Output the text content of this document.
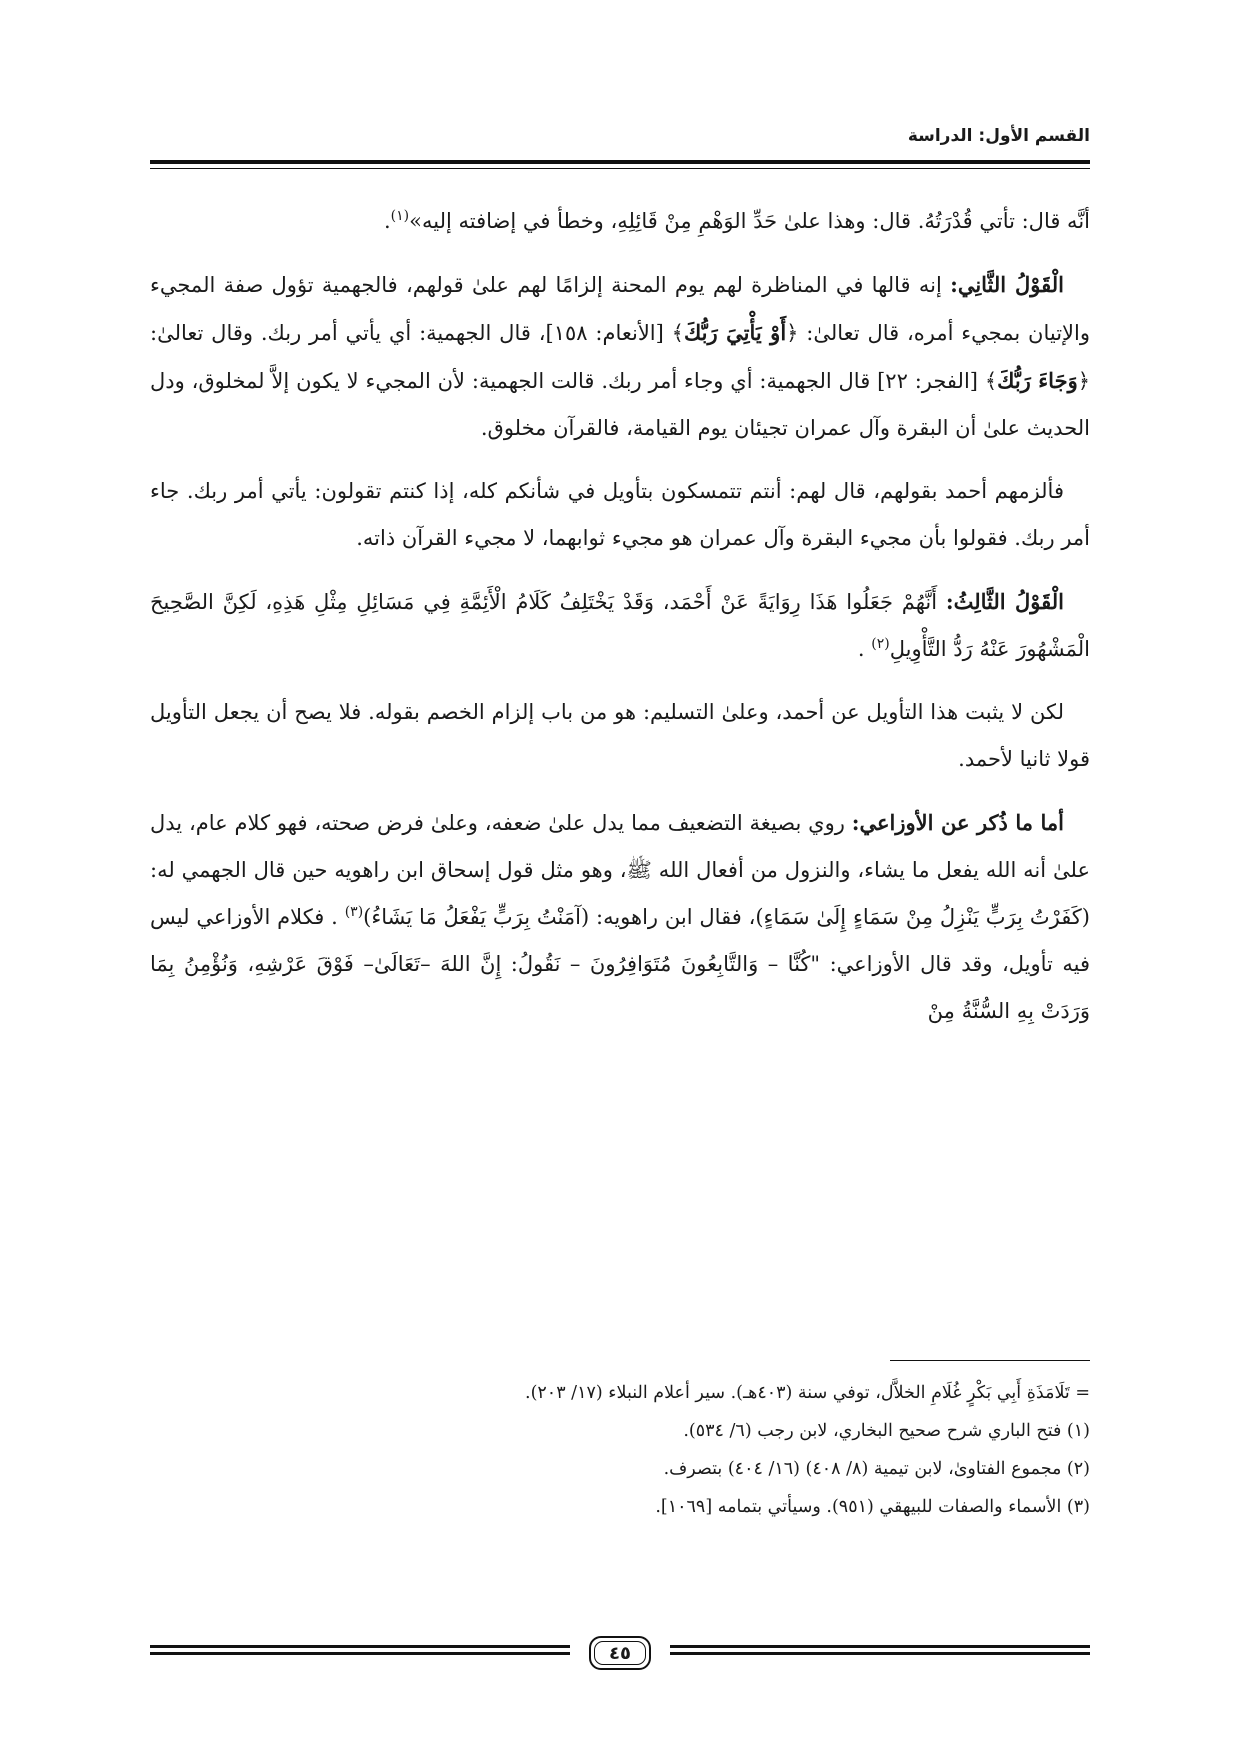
القسم الأول: الدراسة

أنَّه قال: تأتي قُدْرَتُهُ. قال: وهذا علىٰ حَدِّ الوَهْمِ مِنْ قَائِلِهِ، وخطأ في إضافته إليه»$^{(١)}$.

الْقَوْلُ الثَّانِي: إنه قالها في المناظرة لهم يوم المحنة إلزامًا لهم علىٰ قولهم، فالجهمية تؤول صفة المجيء والإتيان بمجيء أمره، قال تعالىٰ: ﴿أَوْ يَأْتِيَ رَبُّكَ﴾ [الأنعام: ١٥٨]، قال الجهمية: أي يأتي أمر ربك. وقال تعالىٰ: ﴿وَجَاءَ رَبُّكَ﴾ [الفجر: ٢٢] قال الجهمية: أي وجاء أمر ربك. قالت الجهمية: لأن المجيء لا يكون إلاَّ لمخلوق، ودل الحديث علىٰ أن البقرة وآل عمران تجيئان يوم القيامة، فالقرآن مخلوق.

فألزمهم أحمد بقولهم، قال لهم: أنتم تتمسكون بتأويل في شأنكم كله، إذا كنتم تقولون: يأتي أمر ربك. جاء أمر ربك. فقولوا بأن مجيء البقرة وآل عمران هو مجيء ثوابهما، لا مجيء القرآن ذاته.

الْقَوْلُ الثَّالِثُ: أَنَّهُمْ جَعَلُوا هَذَا رِوَايَةً عَنْ أَحْمَد، وَقَدْ يَخْتَلِفُ كَلَامُ الْأَئِمَّةِ فِي مَسَائِلِ مِثْلِ هَذِهِ، لَكِنَّ الصَّحِيحَ الْمَشْهُورَ عَنْهُ رَدُّ التَّأْوِيلِ$^{(٢)}$ .

لكن لا يثبت هذا التأويل عن أحمد، وعلىٰ التسليم: هو من باب إلزام الخصم بقوله. فلا يصح أن يجعل التأويل قولا ثانيا لأحمد.

أما ما ذُكر عن الأوزاعي: روي بصيغة التضعيف مما يدل علىٰ ضعفه، وعلىٰ فرض صحته، فهو كلام عام، يدل علىٰ أنه الله يفعل ما يشاء، والنزول من أفعال الله ﷺ، وهو مثل قول إسحاق ابن راهويه حين قال الجهمي له: (كَفَرْتُ بِرَبٍّ يَنْزِلُ مِنْ سَمَاءٍ إِلَىٰ سَمَاءٍ)، فقال ابن راهويه: (آمَنْتُ بِرَبٍّ يَفْعَلُ مَا يَشَاءُ)$^{(٣)}$ . فكلام الأوزاعي ليس فيه تأويل، وقد قال الأوزاعي: "كُنَّا – وَالتَّابِعُونَ مُتَوَافِرُونَ – نَقُولُ: إِنَّ اللهَ –تَعَالَىٰ– فَوْقَ عَرْشِهِ، وَنُؤْمِنُ بِمَا وَرَدَتْ بِهِ السُّنَّةُ مِنْ

= تَلَامَذَةِ أَبِي بَكْرٍ غُلَامِ الخلاَّل، توفي سنة (٤٠٣هـ). سير أعلام النبلاء (١٧/ ٢٠٣).
(١) فتح الباري شرح صحيح البخاري، لابن رجب (٦/ ٥٣٤).
(٢) مجموع الفتاوىٰ، لابن تيمية (٨/ ٤٠٨) (١٦/ ٤٠٤) بتصرف.
(٣) الأسماء والصفات للبيهقي (٩٥١). وسيأتي بتمامه [١٠٦٩].
٤٥
